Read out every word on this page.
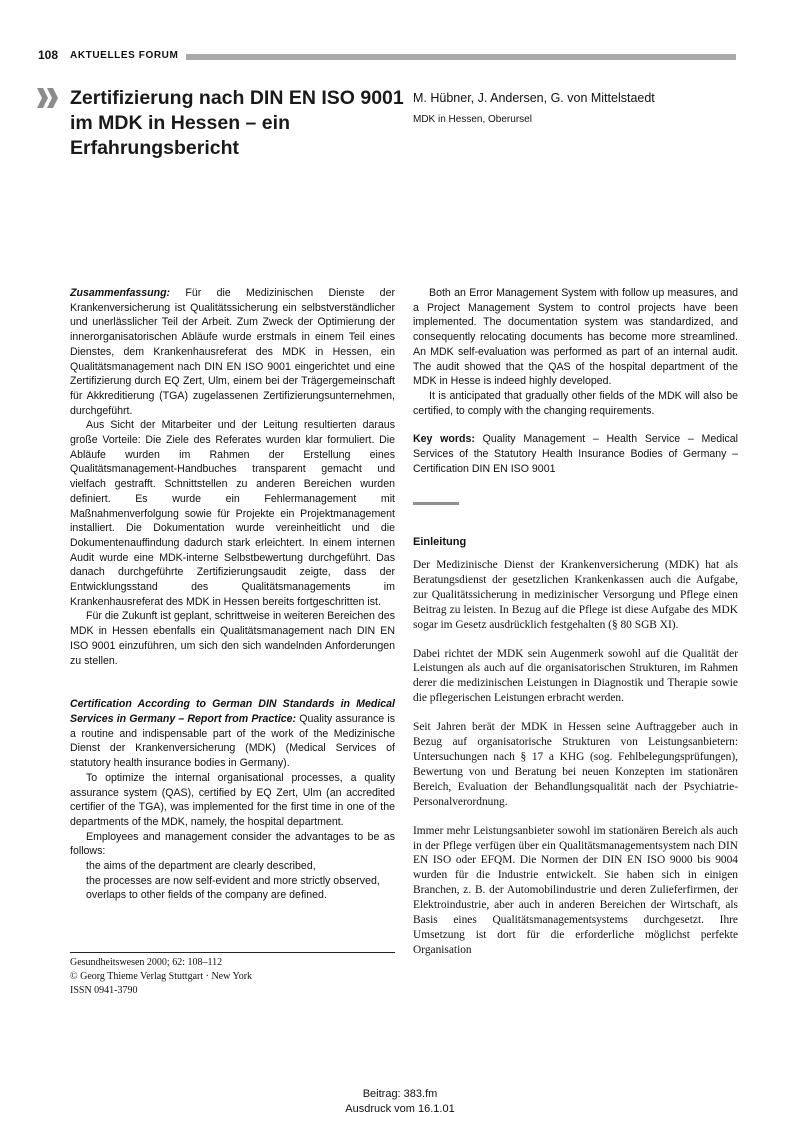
108 AKTUELLES FORUM
Zertifizierung nach DIN EN ISO 9001 im MDK in Hessen – ein Erfahrungsbericht
M. Hübner, J. Andersen, G. von Mittelstaedt
MDK in Hessen, Oberursel

Zusammenfassung: Für die Medizinischen Dienste der Krankenversicherung ist Qualitätssicherung ein selbstverständlicher und unerlässlicher Teil der Arbeit. Zum Zweck der Optimierung der innerorganisatorischen Abläufe wurde erstmals in einem Teil eines Dienstes, dem Krankenhausreferat des MDK in Hessen, ein Qualitätsmanagement nach DIN EN ISO 9001 eingerichtet und eine Zertifizierung durch EQ Zert, Ulm, einem bei der Trägergemeinschaft für Akkreditierung (TGA) zugelassenen Zertifizierungsunternehmen, durchgeführt.

Aus Sicht der Mitarbeiter und der Leitung resultierten daraus große Vorteile: Die Ziele des Referates wurden klar formuliert. Die Abläufe wurden im Rahmen der Erstellung eines Qualitätsmanagement-Handbuches transparent gemacht und vielfach gestrafft. Schnittstellen zu anderen Bereichen wurden definiert. Es wurde ein Fehlermanagement mit Maßnahmenverfolgung sowie für Projekte ein Projektmanagement installiert. Die Dokumentation wurde vereinheitlicht und die Dokumentenauffindung dadurch stark erleichtert. In einem internen Audit wurde eine MDK-interne Selbstbewertung durchgeführt. Das danach durchgeführte Zertifizierungsaudit zeigte, dass der Entwicklungsstand des Qualitätsmanagements im Krankenhausreferat des MDK in Hessen bereits fortgeschritten ist.

Für die Zukunft ist geplant, schrittweise in weiteren Bereichen des MDK in Hessen ebenfalls ein Qualitätsmanagement nach DIN EN ISO 9001 einzuführen, um sich den sich wandelnden Anforderungen zu stellen.

Certification According to German DIN Standards in Medical Services in Germany – Report from Practice: Quality assurance is a routine and indispensable part of the work of the Medizinische Dienst der Krankenversicherung (MDK) (Medical Services of statutory health insurance bodies in Germany).

To optimize the internal organisational processes, a quality assurance system (QAS), certified by EQ Zert, Ulm (an accredited certifier of the TGA), was implemented for the first time in one of the departments of the MDK, namely, the hospital department.

Employees and management consider the advantages to be as follows:

the aims of the department are clearly described,

the processes are now self-evident and more strictly observed,

overlaps to other fields of the company are defined.

Both an Error Management System with follow up measures, and a Project Management System to control projects have been implemented. The documentation system was standardized, and consequently relocating documents has become more streamlined. An MDK self-evaluation was performed as part of an internal audit. The audit showed that the QAS of the hospital department of the MDK in Hesse is indeed highly developed.

It is anticipated that gradually other fields of the MDK will also be certified, to comply with the changing requirements.

Key words: Quality Management – Health Service – Medical Services of the Statutory Health Insurance Bodies of Germany – Certification DIN EN ISO 9001

Einleitung

Der Medizinische Dienst der Krankenversicherung (MDK) hat als Beratungsdienst der gesetzlichen Krankenkassen auch die Aufgabe, zur Qualitätssicherung in medizinischer Versorgung und Pflege einen Beitrag zu leisten. In Bezug auf die Pflege ist diese Aufgabe des MDK sogar im Gesetz ausdrücklich festgehalten (§ 80 SGB XI).

Dabei richtet der MDK sein Augenmerk sowohl auf die Qualität der Leistungen als auch auf die organisatorischen Strukturen, im Rahmen derer die medizinischen Leistungen in Diagnostik und Therapie sowie die pflegerischen Leistungen erbracht werden.

Seit Jahren berät der MDK in Hessen seine Auftraggeber auch in Bezug auf organisatorische Strukturen von Leistungsanbietern: Untersuchungen nach § 17 a KHG (sog. Fehlbelegungsprüfungen), Bewertung von und Beratung bei neuen Konzepten im stationären Bereich, Evaluation der Behandlungsqualität nach der Psychiatrie-Personalverordnung.

Immer mehr Leistungsanbieter sowohl im stationären Bereich als auch in der Pflege verfügen über ein Qualitätsmanagementsystem nach DIN EN ISO oder EFQM. Die Normen der DIN EN ISO 9000 bis 9004 wurden für die Industrie entwickelt. Sie haben sich in einigen Branchen, z. B. der Automobilindustrie und deren Zulieferfirmen, der Elektroindustrie, aber auch in anderen Bereichen der Wirtschaft, als Basis eines Qualitätsmanagementsystems durchgesetzt. Ihre Umsetzung ist dort für die erforderliche möglichst perfekte Organisation

Gesundheitswesen 2000; 62: 108–112
© Georg Thieme Verlag Stuttgart · New York
ISSN 0941-3790
Beitrag: 383.fm
Ausdruck vom 16.1.01
